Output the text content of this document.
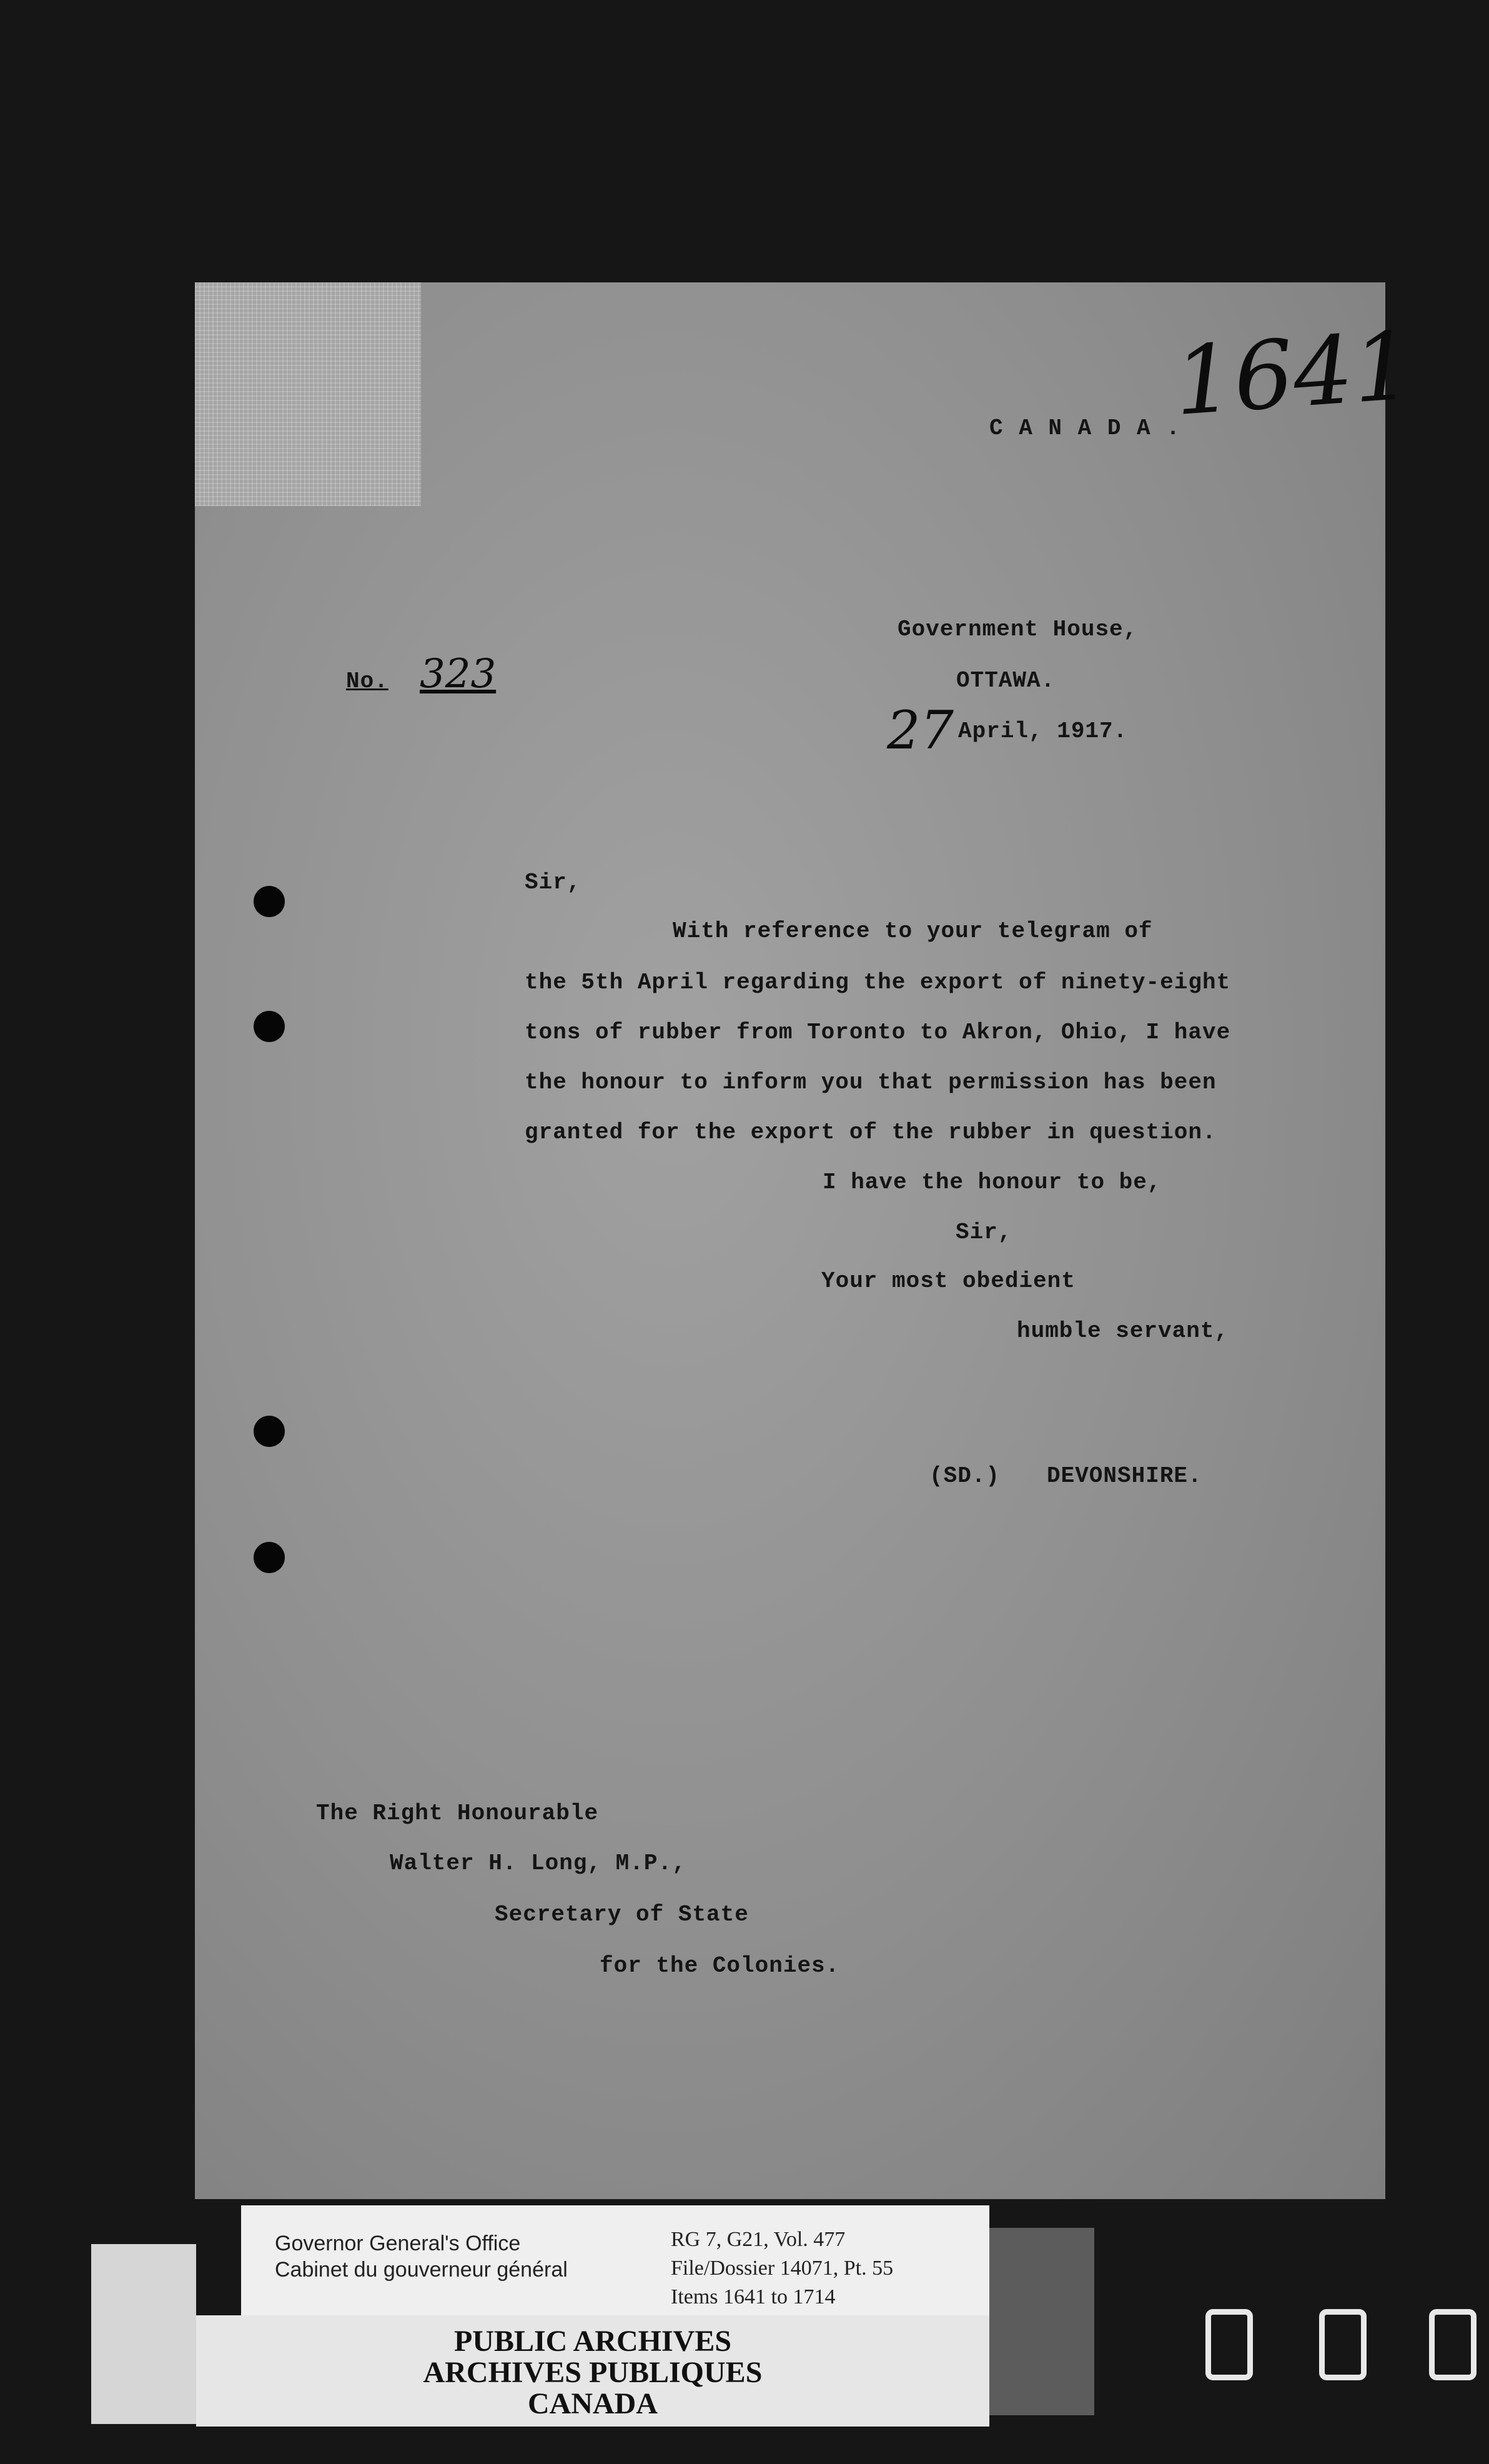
C A N A D A .
1641
Government House,
OTTAWA.
No. 323
27 April, 1917.
Sir,
With reference to your telegram of
the 5th April regarding the export of ninety-eight
tons of rubber from Toronto to Akron, Ohio, I have
the honour to inform you that permission has been
granted for the export of the rubber in question.
I have the honour to be,
Sir,
Your most obedient
humble servant,
(SD.) DEVONSHIRE.
The Right Honourable
Walter H. Long, M.P.,
Secretary of State
for the Colonies.
Governor General's Office
Cabinet du gouverneur général
RG 7, G21, Vol. 477
File/Dossier 14071, Pt. 55
Items 1641 to 1714
PUBLIC ARCHIVES
ARCHIVES PUBLIQUES
CANADA
